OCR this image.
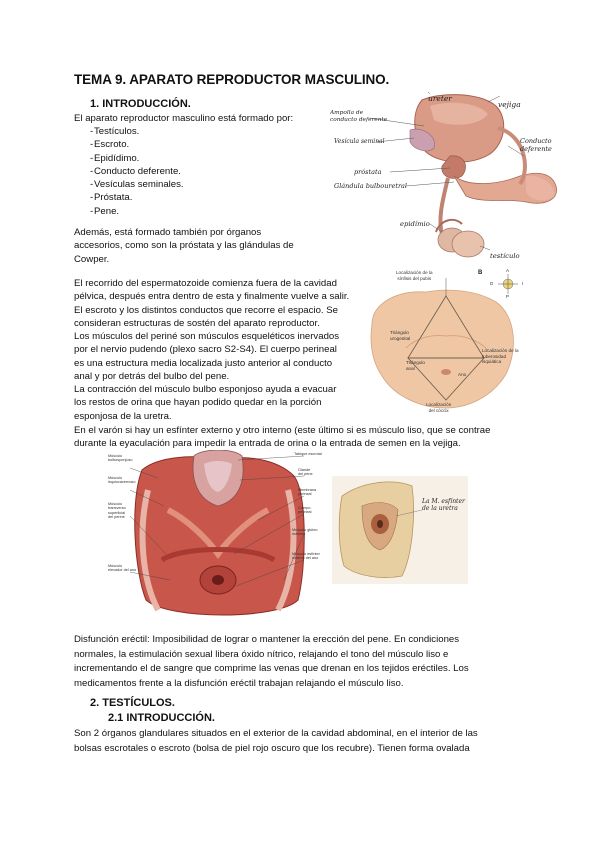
TEMA 9. APARATO REPRODUCTOR MASCULINO.
1. INTRODUCCIÓN.
El aparato reproductor masculino está formado por:
- Testículos.
- Escroto.
- Epidídimo.
- Conducto deferente.
- Vesículas seminales.
- Próstata.
- Pene.
Además, está formado también por órganos
accesorios, como son la próstata y las glándulas de
Cowper.
ureter
vejiga
Ampolla de
conducto deferente
Vesícula seminal	Conducto
deferente
próstata
Glándula bulbouretral
epidímio
testículo
El recorrido del espermatozoide comienza fuera de la cavidad
pélvica, después entra dentro de esta y finalmente vuelve a salir.
El escroto y los distintos conductos que recorre el espacio. Se
consideran estructuras de sostén del aparato reproductor.
Los músculos del periné son músculos esqueléticos inervados
por el nervio pudendo (plexo sacro S2-S4). El cuerpo perineal
es una estructura media localizada justo anterior al conducto
anal y por detrás del bulbo del pene.
La contracción del músculo bulbo esponjoso ayuda a evacuar
los restos de orina que hayan podido quedar en la porción
esponjosa de la uretra.
Localización de la
sínfisis del pubis
B	A
D	I
P
Triángulo
urogenital
Triángulo
anal
Localización de la
tuberosidad
isquiática
Ano
Localización
del cóccix
En el varón si hay un esfínter externo y otro interno (este último si es músculo liso, que se contrae
durante la eyaculación para impedir la entrada de orina o la entrada de semen en la vejiga.
Músculo
bulbosponjoso
Músculo
isquiocavernoso
Músculo
transverso
superficial
del periné
Músculo
elevador del ano
Tabique escrotal
Glande
del pene
Membrana
perineal
Cuerpo
perineal
Músculo glúteo
máximo
Músculo esfínter
externo del ano
La M. esfínter
de la uretra
Disfunción eréctil: Imposibilidad de lograr o mantener la erección del pene. En condiciones
normales, la estimulación sexual libera óxido nítrico, relajando el tono del músculo liso e
incrementando el de sangre que comprime las venas que drenan en los tejidos eréctiles. Los
medicamentos frente a la disfunción eréctil trabajan relajando el músculo liso.
2. TESTÍCULOS.
2.1 INTRODUCCIÓN.
Son 2 órganos glandulares situados en el exterior de la cavidad abdominal, en el interior de las
bolsas escrotales o escroto (bolsa de piel rojo oscuro que los recubre). Tienen forma ovalada
